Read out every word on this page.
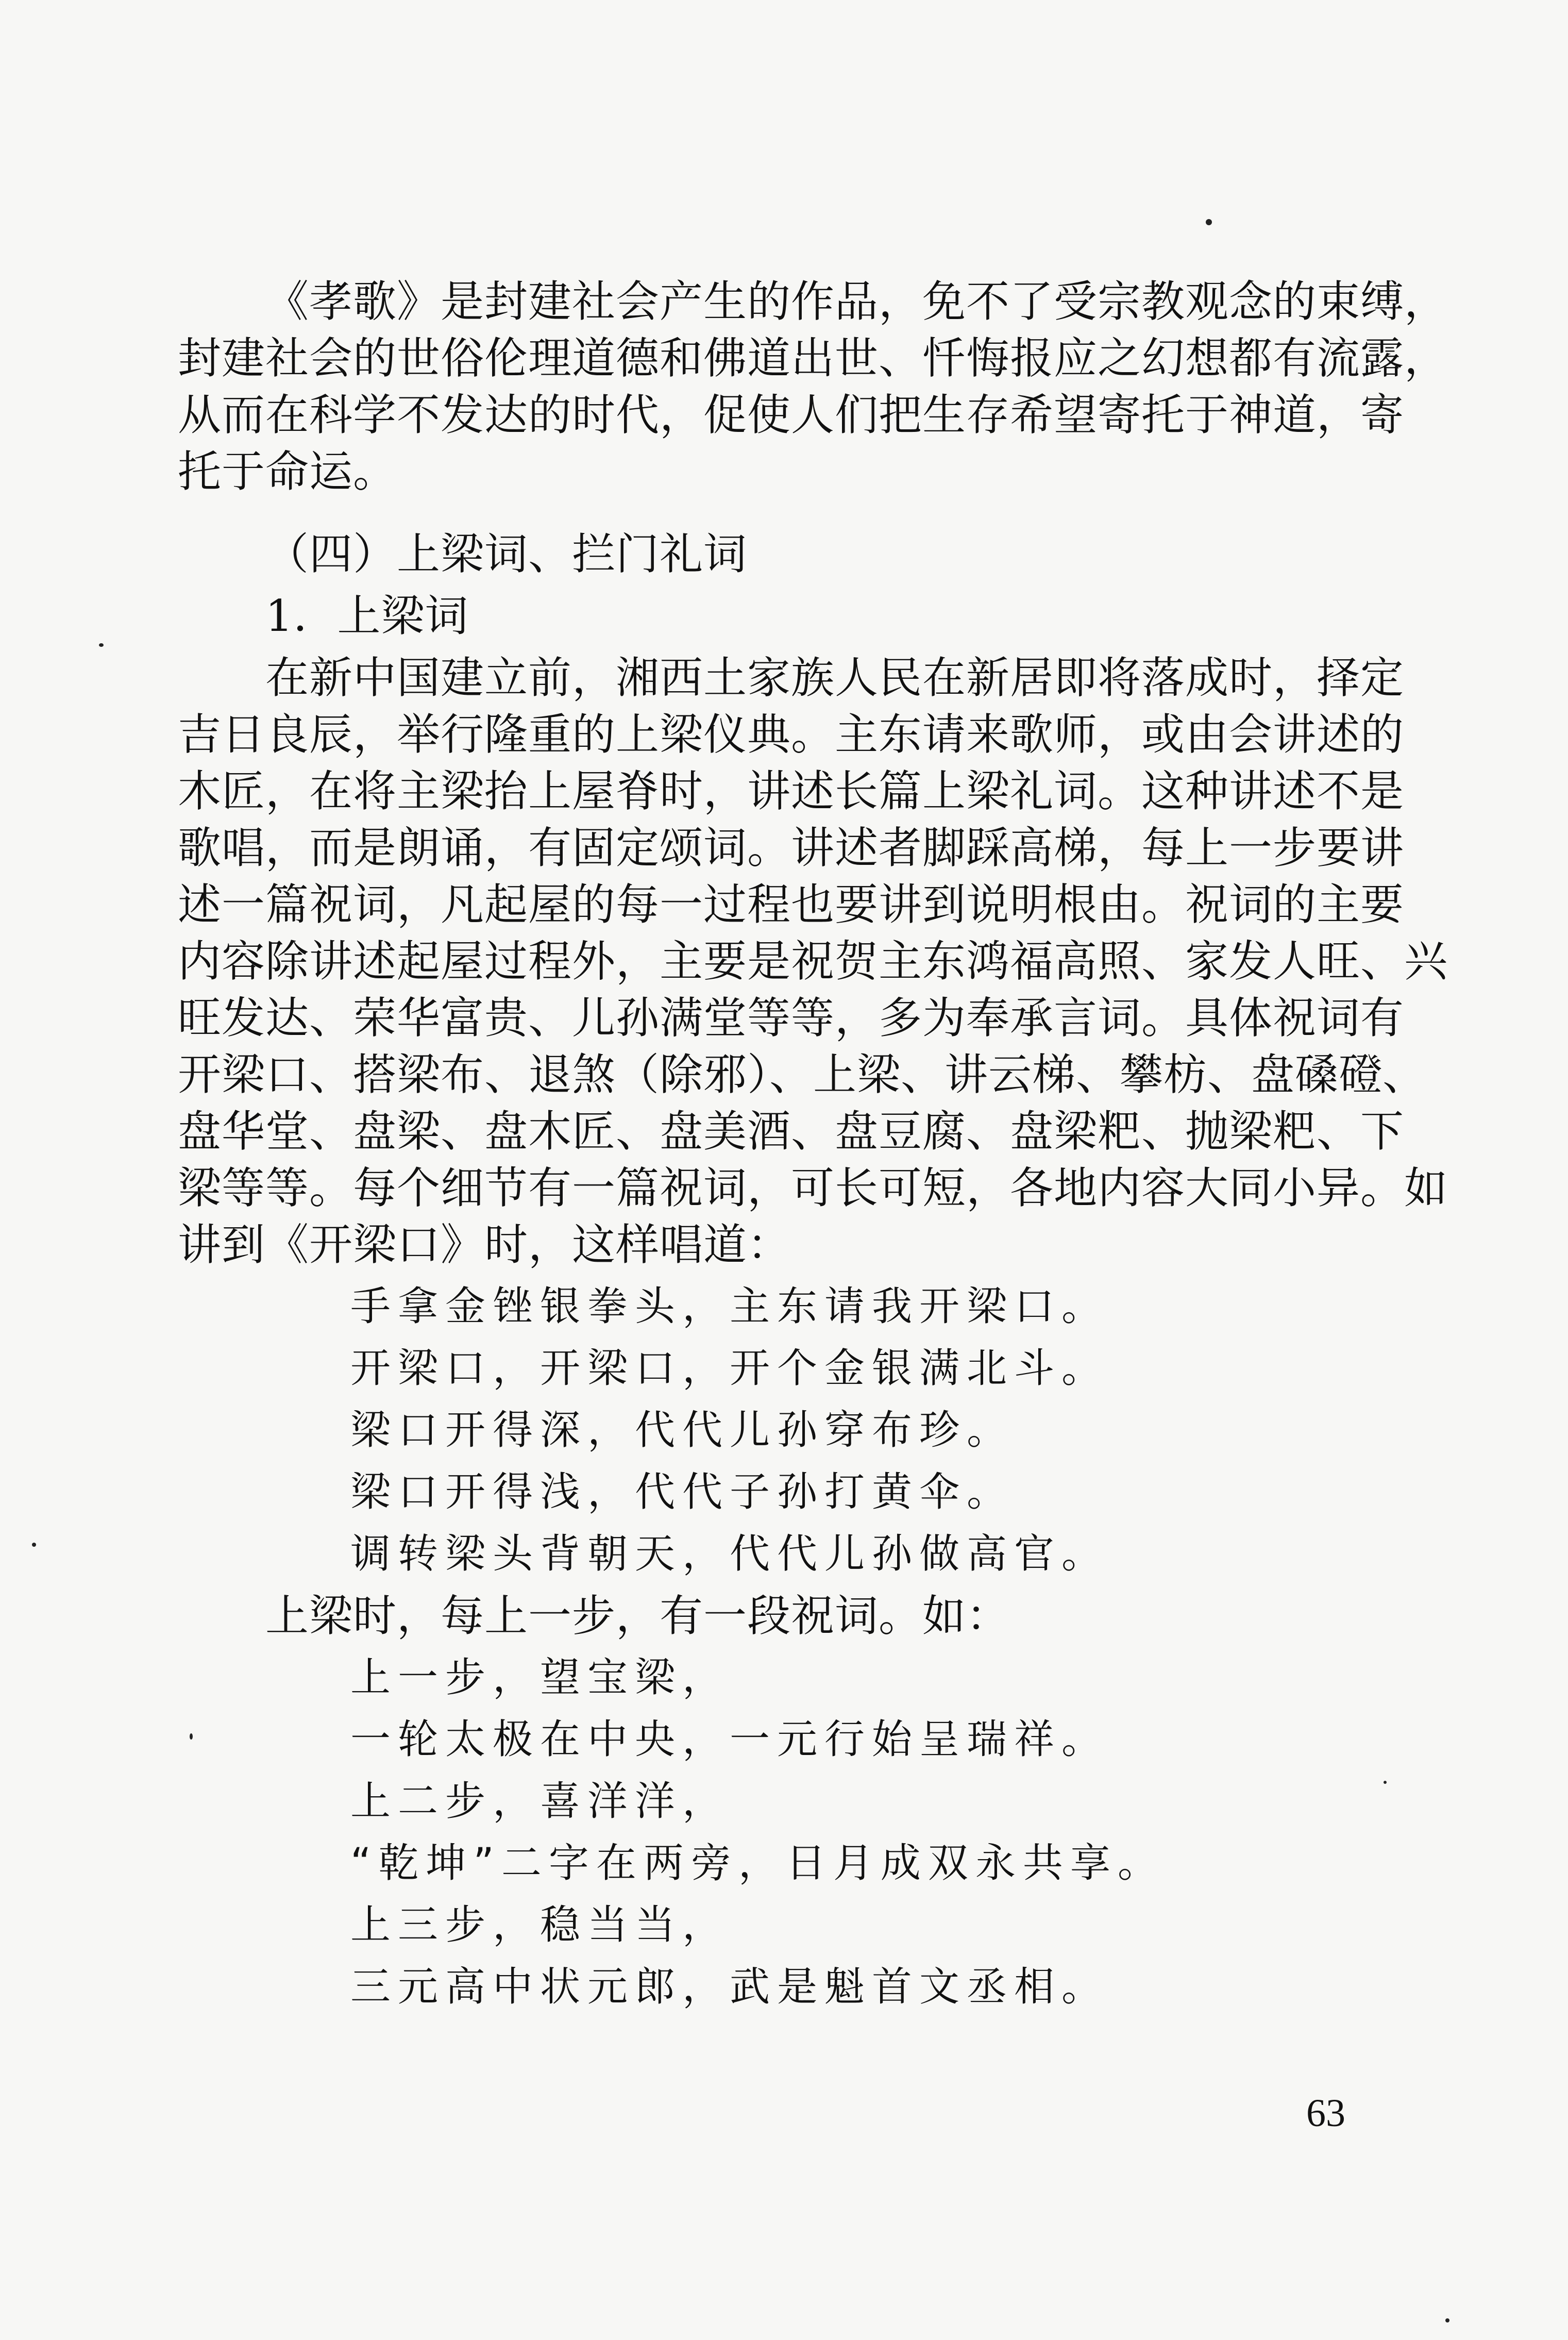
《孝歌》是封建社会产生的作品，免不了受宗教观念的束缚，
封建社会的世俗伦理道德和佛道出世、忏悔报应之幻想都有流露，
从而在科学不发达的时代，促使人们把生存希望寄托于神道，寄
托于命运。
（四）上梁词、拦门礼词
1．上梁词
在新中国建立前，湘西土家族人民在新居即将落成时，择定
吉日良辰，举行隆重的上梁仪典。主东请来歌师，或由会讲述的
木匠，在将主梁抬上屋脊时，讲述长篇上梁礼词。这种讲述不是
歌唱，而是朗诵，有固定颂词。讲述者脚踩高梯，每上一步要讲
述一篇祝词，凡起屋的每一过程也要讲到说明根由。祝词的主要
内容除讲述起屋过程外，主要是祝贺主东鸿福高照、家发人旺、兴
旺发达、荣华富贵、儿孙满堂等等，多为奉承言词。具体祝词有
开梁口、搭梁布、退煞（除邪）、上梁、讲云梯、攀枋、盘磉磴、
盘华堂、盘梁、盘木匠、盘美酒、盘豆腐、盘梁粑、抛梁粑、下
梁等等。每个细节有一篇祝词，可长可短，各地内容大同小异。如
讲到《开梁口》时，这样唱道：
手拿金锉银拳头，主东请我开梁口。
开梁口，开梁口，开个金银满北斗。
梁口开得深，代代儿孙穿布珍。
梁口开得浅，代代子孙打黄伞。
调转梁头背朝天，代代儿孙做高官。
上梁时，每上一步，有一段祝词。如：
上一步，望宝梁，
一轮太极在中央，一元行始呈瑞祥。
上二步，喜洋洋，
“乾坤”二字在两旁，日月成双永共享。
上三步，稳当当，
三元高中状元郎，武是魁首文丞相。
63
